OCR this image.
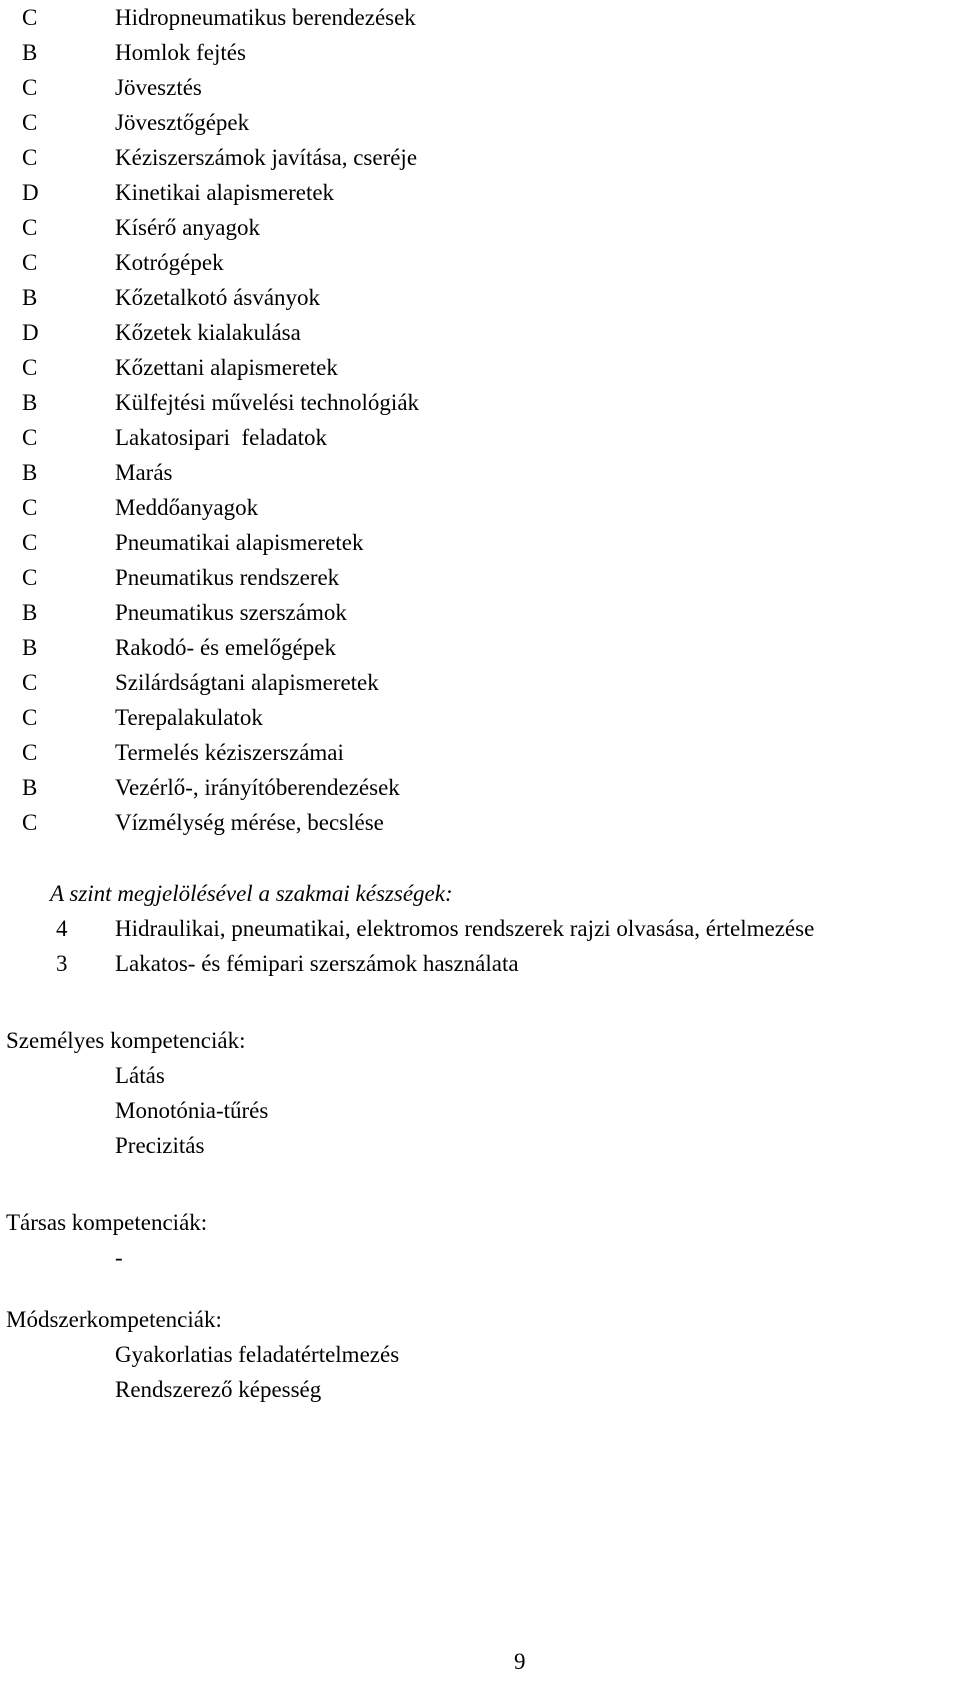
C	Hidropneumatikus berendezések
B	Homlok fejtés
C	Jövesztés
C	Jövesztőgépek
C	Kéziszerszámok javítása, cseréje
D	Kinetikai alapismeretek
C	Kísérő anyagok
C	Kotrógépek
B	Kőzetalkotó ásványok
D	Kőzetek kialakulása
C	Kőzettani alapismeretek
B	Külfejtési művelési technológiák
C	Lakatosipari  feladatok
B	Marás
C	Meddőanyagok
C	Pneumatikai alapismeretek
C	Pneumatikus rendszerek
B	Pneumatikus szerszámok
B	Rakodó- és emelőgépek
C	Szilárdságtani alapismeretek
C	Terepalakulatok
C	Termelés kéziszerszámai
B	Vezérlő-, irányítóberendezések
C	Vízmélység mérése, becslése
A szint megjelölésével a szakmai készségek:
4	Hidraulikai, pneumatikai, elektromos rendszerek rajzi olvasása, értelmezése
3	Lakatos- és fémipari szerszámok használata
Személyes kompetenciák:
Látás
Monotónia-tűrés
Precizitás
Társas kompetenciák:
-
Módszerkompetenciák:
Gyakorlatias feladatértelmezés
Rendszerező képesség
9
